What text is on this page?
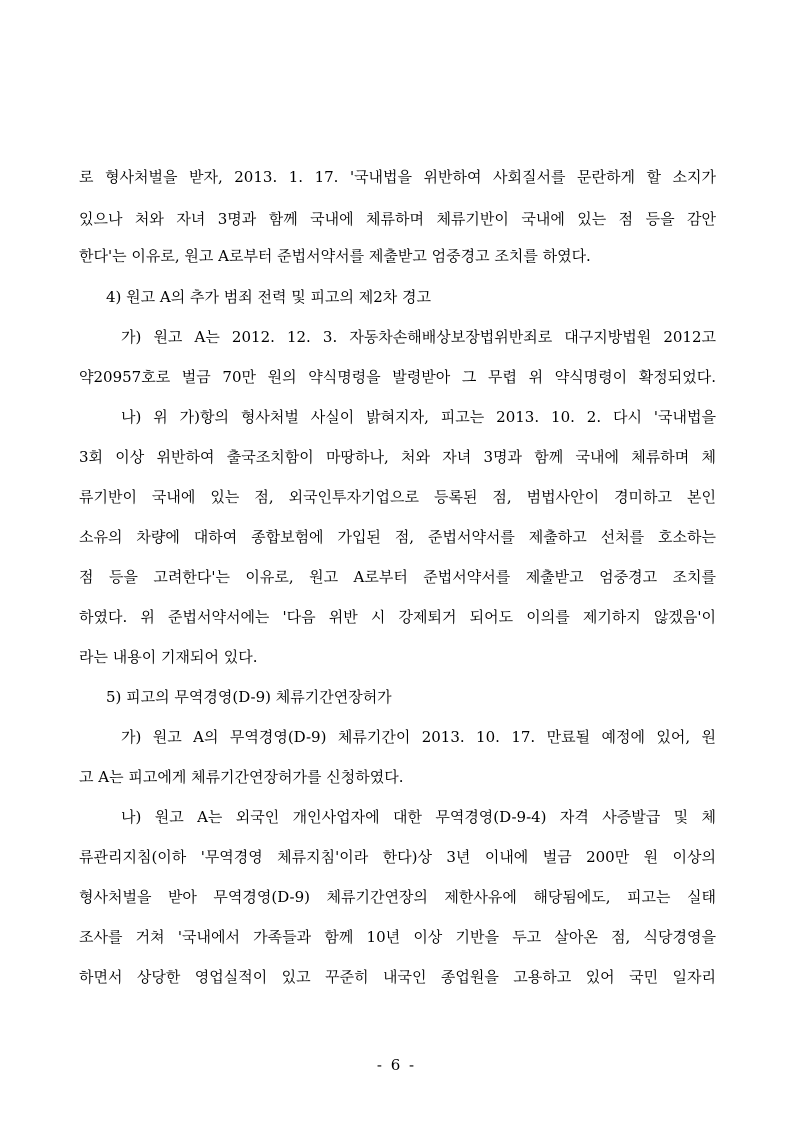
로 형사처벌을 받자, 2013. 1. 17. '국내법을 위반하여 사회질서를 문란하게 할 소지가
있으나 처와 자녀 3명과 함께 국내에 체류하며 체류기반이 국내에 있는 점 등을 감안
한다'는 이유로, 원고 A로부터 준법서약서를 제출받고 엄중경고 조치를 하였다.
4) 원고 A의 추가 범죄 전력 및 피고의 제2차 경고
가) 원고 A는 2012. 12. 3. 자동차손해배상보장법위반죄로 대구지방법원 2012고
약20957호로 벌금 70만 원의 약식명령을 발령받아 그 무렵 위 약식명령이 확정되었다.
나) 위 가)항의 형사처벌 사실이 밝혀지자, 피고는 2013. 10. 2. 다시 '국내법을
3회 이상 위반하여 출국조치함이 마땅하나, 처와 자녀 3명과 함께 국내에 체류하며 체
류기반이 국내에 있는 점, 외국인투자기업으로 등록된 점, 범법사안이 경미하고 본인
소유의 차량에 대하여 종합보험에 가입된 점, 준법서약서를 제출하고 선처를 호소하는
점 등을 고려한다'는 이유로, 원고 A로부터 준법서약서를 제출받고 엄중경고 조치를
하였다. 위 준법서약서에는 '다음 위반 시 강제퇴거 되어도 이의를 제기하지 않겠음'이
라는 내용이 기재되어 있다.
5) 피고의 무역경영(D-9) 체류기간연장허가
가) 원고 A의 무역경영(D-9) 체류기간이 2013. 10. 17. 만료될 예정에 있어, 원
고 A는 피고에게 체류기간연장허가를 신청하였다.
나) 원고 A는 외국인 개인사업자에 대한 무역경영(D-9-4) 자격 사증발급 및 체
류관리지침(이하 '무역경영 체류지침'이라 한다)상 3년 이내에 벌금 200만 원 이상의
형사처벌을 받아 무역경영(D-9) 체류기간연장의 제한사유에 해당됨에도, 피고는 실태
조사를 거쳐 '국내에서 가족들과 함께 10년 이상 기반을 두고 살아온 점, 식당경영을
하면서 상당한 영업실적이 있고 꾸준히 내국인 종업원을 고용하고 있어 국민 일자리
- 6 -
